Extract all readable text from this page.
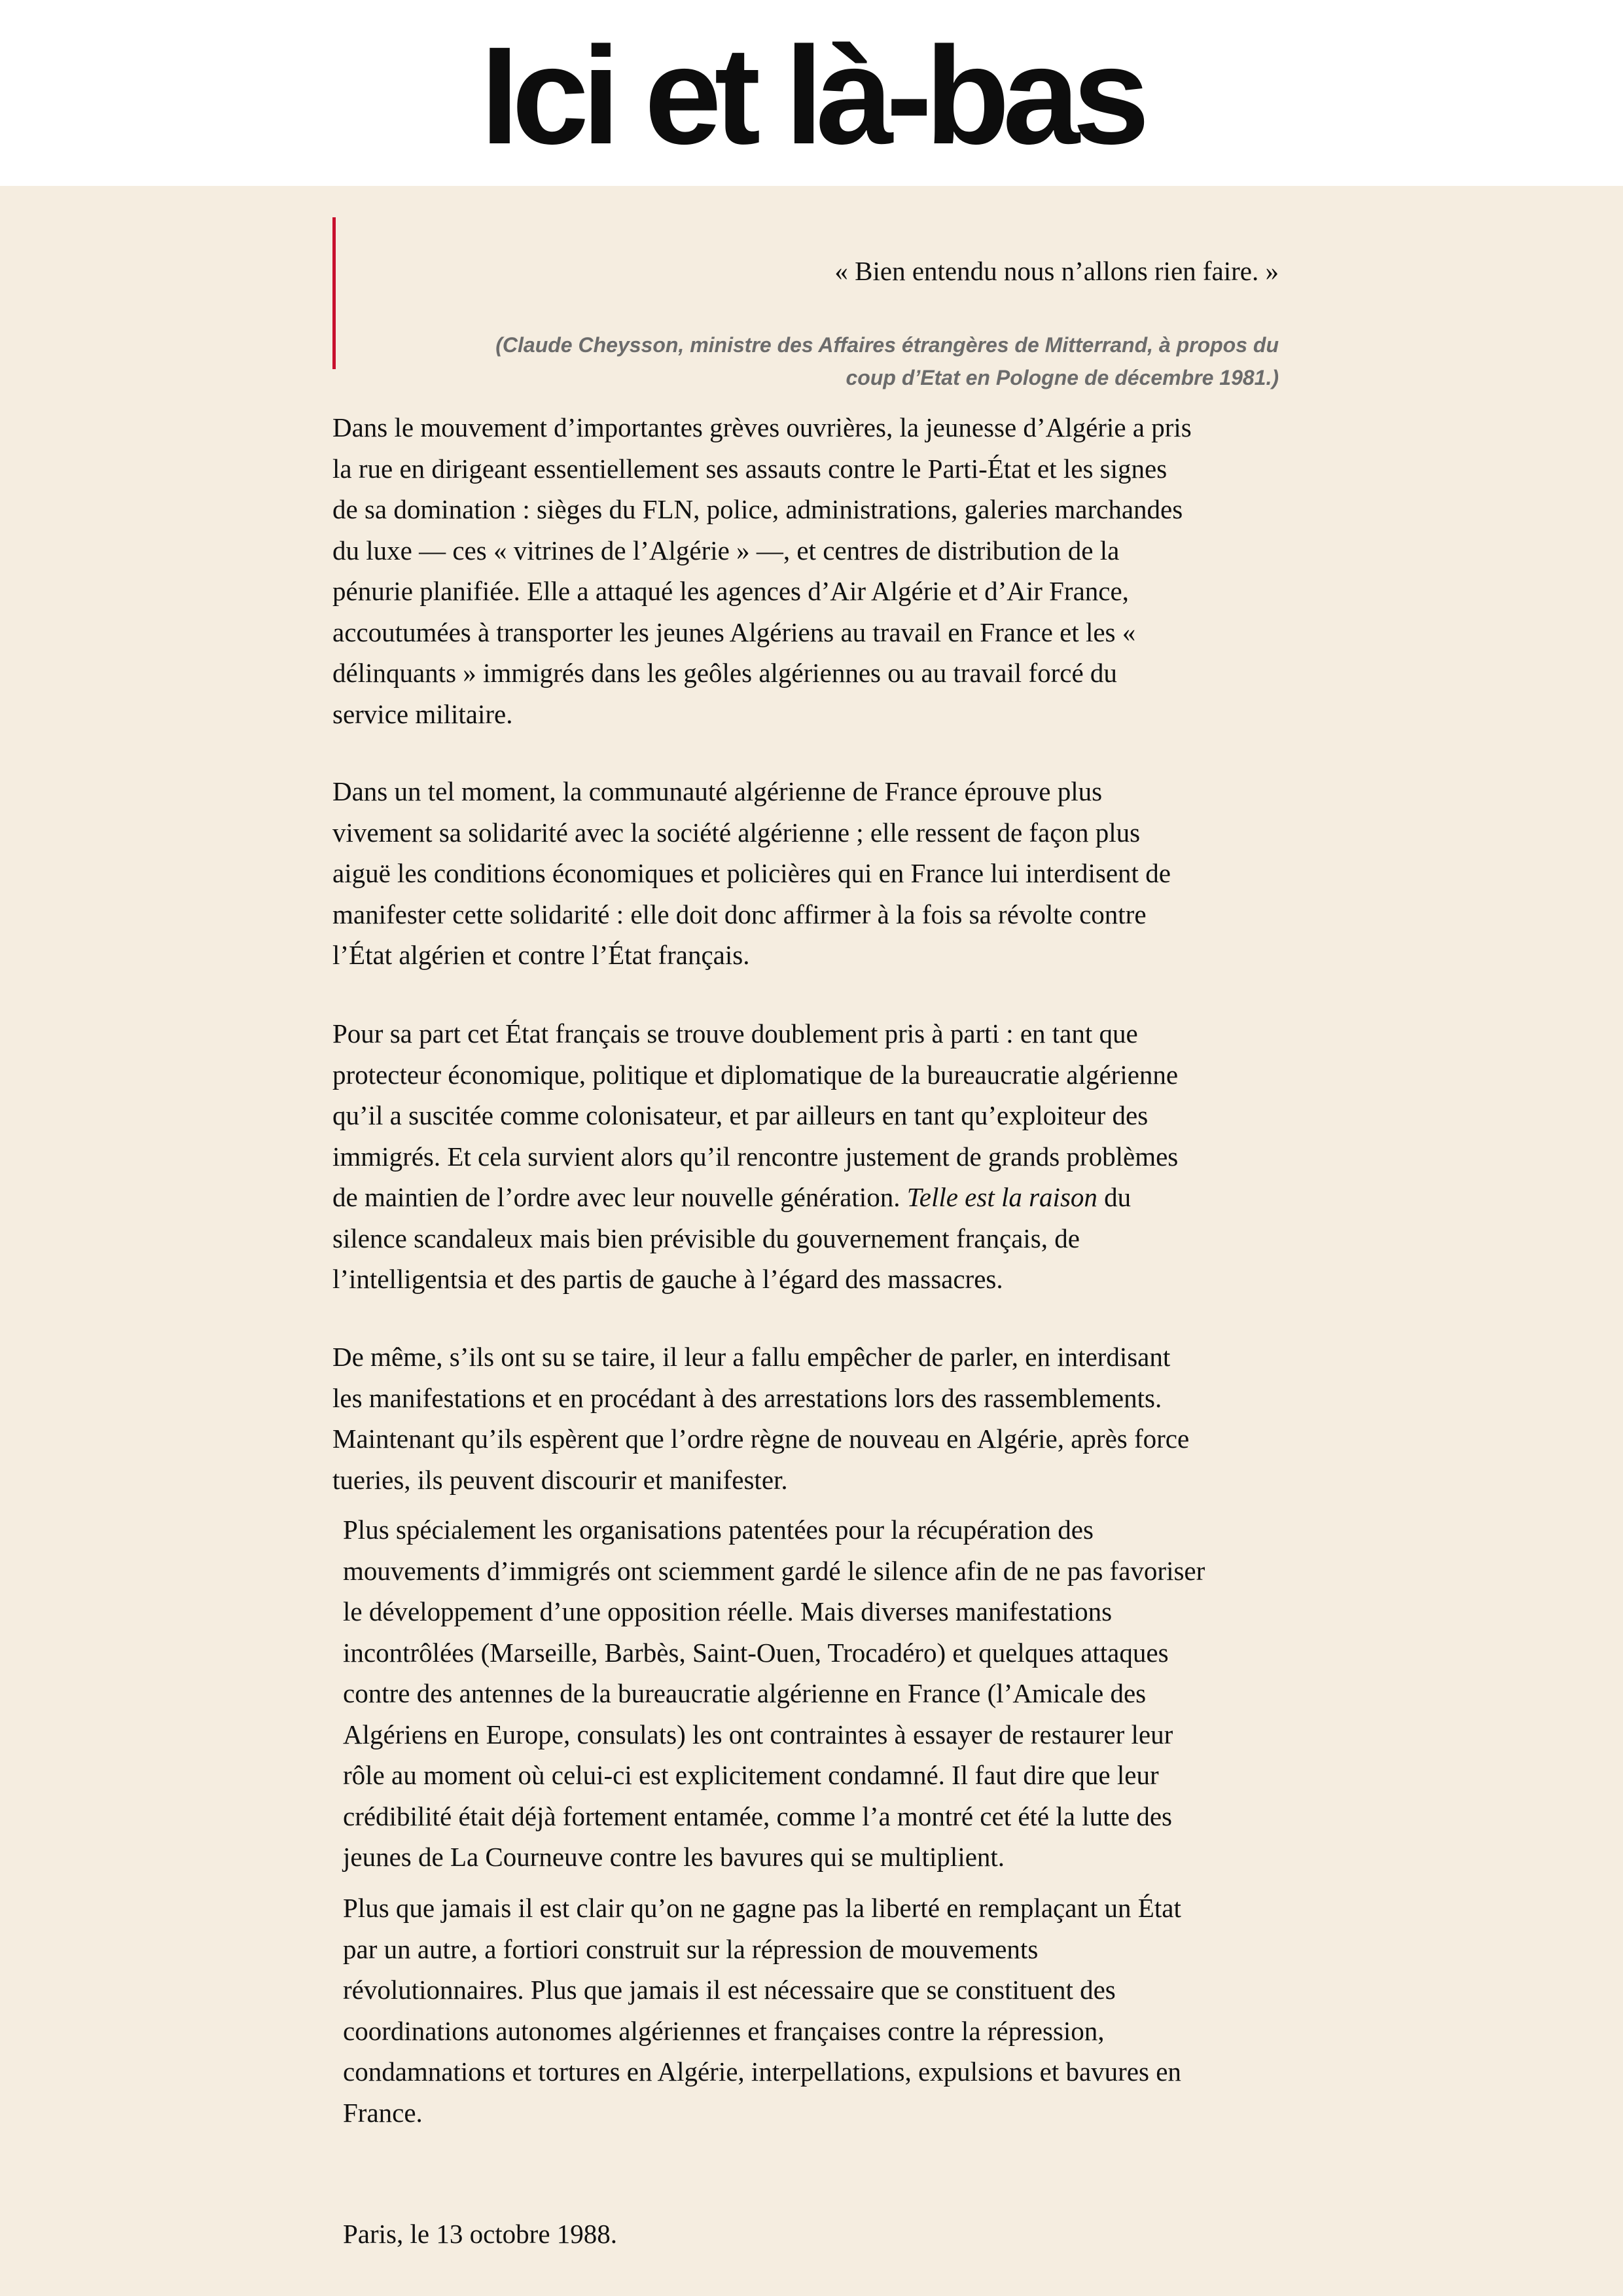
Ici et là-bas

« Bien entendu nous n’allons rien faire. »

(Claude Cheysson, ministre des Affaires étrangères de Mitterrand, à propos du
coup d’Etat en Pologne de décembre 1981.)

Dans le mouvement d’importantes grèves ouvrières, la jeunesse d’Algérie a pris
la rue en dirigeant essentiellement ses assauts contre le Parti-État et les signes
de sa domination : sièges du FLN, police, administrations, galeries marchandes
du luxe — ces « vitrines de l’Algérie » —, et centres de distribution de la
pénurie planifiée. Elle a attaqué les agences d’Air Algérie et d’Air France,
accoutumées à transporter les jeunes Algériens au travail en France et les «
délinquants » immigrés dans les geôles algériennes ou au travail forcé du
service militaire.

Dans un tel moment, la communauté algérienne de France éprouve plus
vivement sa solidarité avec la société algérienne ; elle ressent de façon plus
aiguë les conditions économiques et policières qui en France lui interdisent de
manifester cette solidarité : elle doit donc affirmer à la fois sa révolte contre
l’État algérien et contre l’État français.

Pour sa part cet État français se trouve doublement pris à parti : en tant que
protecteur économique, politique et diplomatique de la bureaucratie algérienne
qu’il a suscitée comme colonisateur, et par ailleurs en tant qu’exploiteur des
immigrés. Et cela survient alors qu’il rencontre justement de grands problèmes
de maintien de l’ordre avec leur nouvelle génération. Telle est la raison du
silence scandaleux mais bien prévisible du gouvernement français, de
l’intelligentsia et des partis de gauche à l’égard des massacres.

De même, s’ils ont su se taire, il leur a fallu empêcher de parler, en interdisant
les manifestations et en procédant à des arrestations lors des rassemblements.
Maintenant qu’ils espèrent que l’ordre règne de nouveau en Algérie, après force
tueries, ils peuvent discourir et manifester.

Plus spécialement les organisations patentées pour la récupération des
mouvements d’immigrés ont sciemment gardé le silence afin de ne pas favoriser
le développement d’une opposition réelle. Mais diverses manifestations
incontrôlées (Marseille, Barbès, Saint-Ouen, Trocadéro) et quelques attaques
contre des antennes de la bureaucratie algérienne en France (l’Amicale des
Algériens en Europe, consulats) les ont contraintes à essayer de restaurer leur
rôle au moment où celui-ci est explicitement condamné. Il faut dire que leur
crédibilité était déjà fortement entamée, comme l’a montré cet été la lutte des
jeunes de La Courneuve contre les bavures qui se multiplient.

Plus que jamais il est clair qu’on ne gagne pas la liberté en remplaçant un État
par un autre, a fortiori construit sur la répression de mouvements
révolutionnaires. Plus que jamais il est nécessaire que se constituent des
coordinations autonomes algériennes et françaises contre la répression,
condamnations et tortures en Algérie, interpellations, expulsions et bavures en
France.

Paris, le 13 octobre 1988.
